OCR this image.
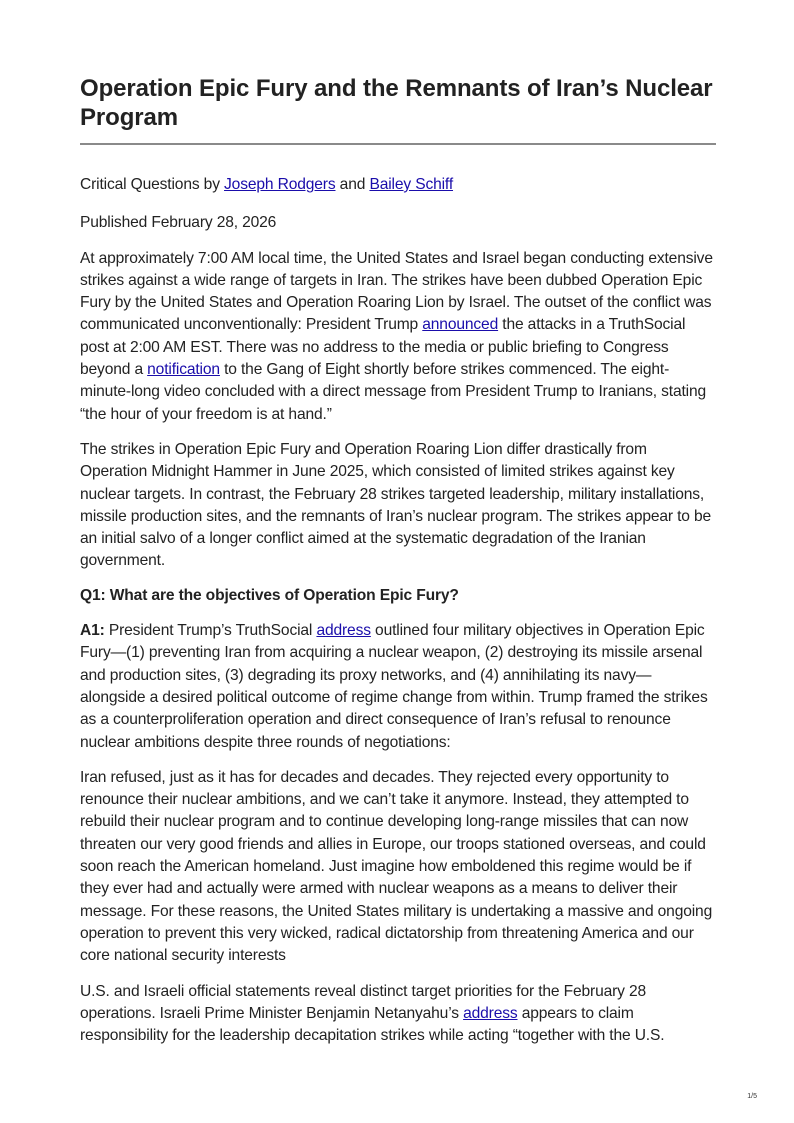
Operation Epic Fury and the Remnants of Iran’s Nuclear Program

Critical Questions by Joseph Rodgers and Bailey Schiff

Published February 28, 2026

At approximately 7:00 AM local time, the United States and Israel began conducting extensive strikes against a wide range of targets in Iran. The strikes have been dubbed Operation Epic Fury by the United States and Operation Roaring Lion by Israel. The outset of the conflict was communicated unconventionally: President Trump announced the attacks in a TruthSocial post at 2:00 AM EST. There was no address to the media or public briefing to Congress beyond a notification to the Gang of Eight shortly before strikes commenced. The eight-minute-long video concluded with a direct message from President Trump to Iranians, stating “the hour of your freedom is at hand.”

The strikes in Operation Epic Fury and Operation Roaring Lion differ drastically from Operation Midnight Hammer in June 2025, which consisted of limited strikes against key nuclear targets. In contrast, the February 28 strikes targeted leadership, military installations, missile production sites, and the remnants of Iran’s nuclear program. The strikes appear to be an initial salvo of a longer conflict aimed at the systematic degradation of the Iranian government.

Q1: What are the objectives of Operation Epic Fury?

A1: President Trump’s TruthSocial address outlined four military objectives in Operation Epic Fury—(1) preventing Iran from acquiring a nuclear weapon, (2) destroying its missile arsenal and production sites, (3) degrading its proxy networks, and (4) annihilating its navy—alongside a desired political outcome of regime change from within. Trump framed the strikes as a counterproliferation operation and direct consequence of Iran’s refusal to renounce nuclear ambitions despite three rounds of negotiations:

Iran refused, just as it has for decades and decades. They rejected every opportunity to renounce their nuclear ambitions, and we can’t take it anymore. Instead, they attempted to rebuild their nuclear program and to continue developing long-range missiles that can now threaten our very good friends and allies in Europe, our troops stationed overseas, and could soon reach the American homeland. Just imagine how emboldened this regime would be if they ever had and actually were armed with nuclear weapons as a means to deliver their message. For these reasons, the United States military is undertaking a massive and ongoing operation to prevent this very wicked, radical dictatorship from threatening America and our core national security interests

U.S. and Israeli official statements reveal distinct target priorities for the February 28 operations. Israeli Prime Minister Benjamin Netanyahu’s address appears to claim responsibility for the leadership decapitation strikes while acting “together with the U.S.

1/5
